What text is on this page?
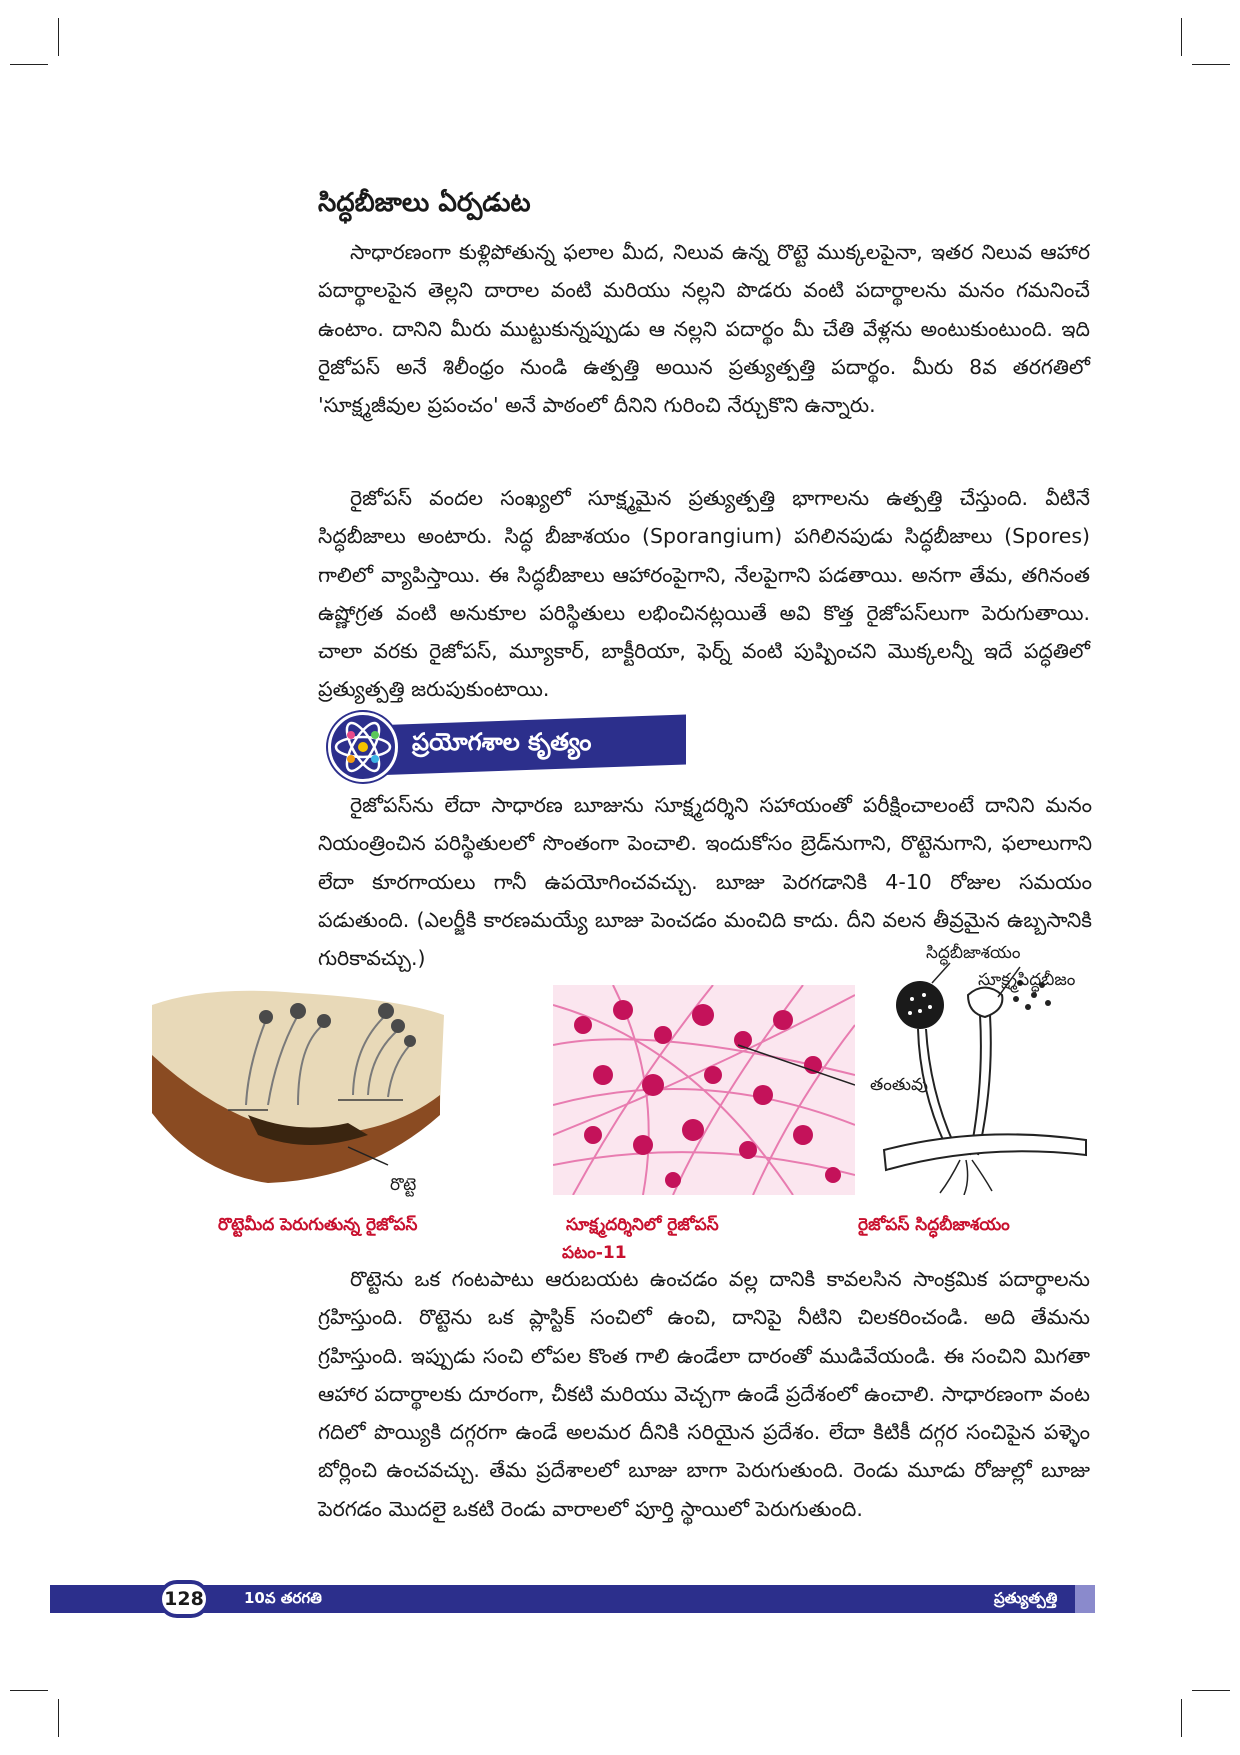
సిద్ధబీజాలు ఏర్పడుట

సాధారణంగా కుళ్లిపోతున్న ఫలాల మీద, నిలువ ఉన్న రొట్టె ముక్కలపైనా, ఇతర నిలువ ఆహార పదార్థాలపైన తెల్లని దారాల వంటి మరియు నల్లని పొడరు వంటి పదార్థాలను మనం గమనించే ఉంటాం. దానిని మీరు ముట్టుకున్నప్పుడు ఆ నల్లని పదార్థం మీ చేతి వేళ్లను అంటుకుంటుంది. ఇది రైజోపస్ అనే శిలీంధ్రం నుండి ఉత్పత్తి అయిన ప్రత్యుత్పత్తి పదార్థం. మీరు 8వ తరగతిలో 'సూక్ష్మజీవుల ప్రపంచం' అనే పాఠంలో దీనిని గురించి నేర్చుకొని ఉన్నారు.

రైజోపస్ వందల సంఖ్యలో సూక్ష్మమైన ప్రత్యుత్పత్తి భాగాలను ఉత్పత్తి చేస్తుంది. వీటినే సిద్ధబీజాలు అంటారు. సిద్ధ బీజాశయం (Sporangium) పగిలినపుడు సిద్ధబీజాలు (Spores) గాలిలో వ్యాపిస్తాయి. ఈ సిద్ధబీజాలు ఆహారంపైగాని, నేలపైగాని పడతాయి. అనగా తేమ, తగినంత ఉష్ణోగ్రత వంటి అనుకూల పరిస్థితులు లభించినట్లయితే అవి కొత్త రైజోపస్‌లుగా పెరుగుతాయి. చాలా వరకు రైజోపస్, మ్యూకార్, బాక్టీరియా, ఫెర్న్ వంటి పుష్పించని మొక్కలన్నీ ఇదే పద్ధతిలో ప్రత్యుత్పత్తి జరుపుకుంటాయి.

ప్రయోగశాల కృత్యం

రైజోపస్‌ను లేదా సాధారణ బూజును సూక్ష్మదర్శిని సహాయంతో పరీక్షించాలంటే దానిని మనం నియంత్రించిన పరిస్థితులలో సొంతంగా పెంచాలి. ఇందుకోసం బ్రెడ్‌నుగాని, రొట్టెనుగాని, ఫలాలుగాని లేదా కూరగాయలు గానీ ఉపయోగించవచ్చు. బూజు పెరగడానికి 4-10 రోజుల సమయం పడుతుంది. (ఎలర్జీకి కారణమయ్యే బూజు పెంచడం మంచిది కాదు. దీని వలన తీవ్రమైన ఉబ్బసానికి గురికావచ్చు.)

రొట్టె
తంతువు
సిద్ధబీజాశయం
సూక్ష్మసిద్ధబీజం
రొట్టెమీద పెరుగుతున్న రైజోపస్	సూక్ష్మదర్శినిలో రైజోపస్	రైజోపస్ సిద్ధబీజాశయం
పటం-11

రొట్టెను ఒక గంటపాటు ఆరుబయట ఉంచడం వల్ల దానికి కావలసిన సాంక్రమిక పదార్థాలను గ్రహిస్తుంది. రొట్టెను ఒక ప్లాస్టిక్ సంచిలో ఉంచి, దానిపై నీటిని చిలకరించండి. అది తేమను గ్రహిస్తుంది. ఇప్పుడు సంచి లోపల కొంత గాలి ఉండేలా దారంతో ముడివేయండి. ఈ సంచిని మిగతా ఆహార పదార్థాలకు దూరంగా, చీకటి మరియు వెచ్చగా ఉండే ప్రదేశంలో ఉంచాలి. సాధారణంగా వంట గదిలో పొయ్యికి దగ్గరగా ఉండే అలమర దీనికి సరియైన ప్రదేశం. లేదా కిటికీ దగ్గర సంచిపైన పళ్ళెం బోర్లించి ఉంచవచ్చు. తేమ ప్రదేశాలలో బూజు బాగా పెరుగుతుంది. రెండు మూడు రోజుల్లో బూజు పెరగడం మొదలై ఒకటి రెండు వారాలలో పూర్తి స్థాయిలో పెరుగుతుంది.

128	10వ తరగతి	ప్రత్యుత్పత్తి
